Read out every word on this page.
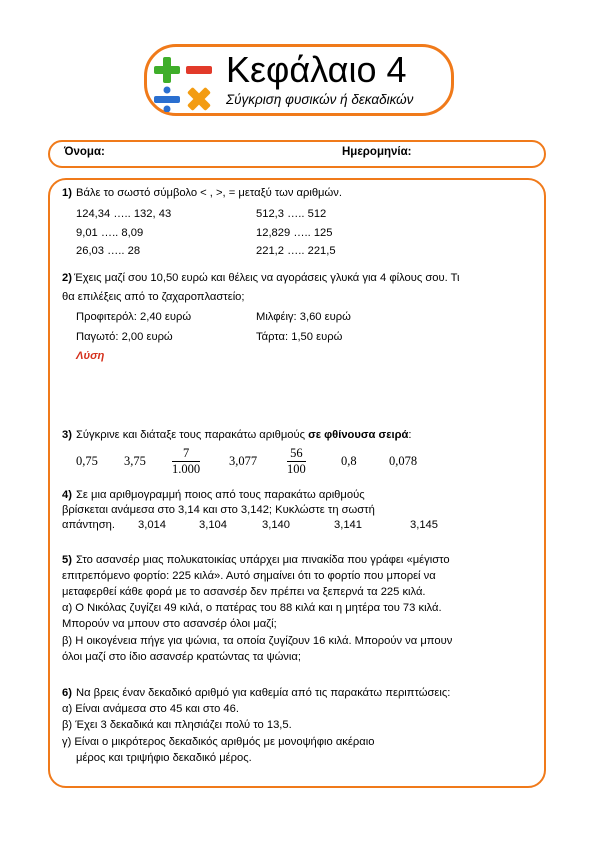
Κεφάλαιο 4
Σύγκριση φυσικών ή δεκαδικών
Όνομα:	Ημερομηνία:
1) Βάλε το σωστό σύμβολο < , >, = μεταξύ των αριθμών.
124,34 ….. 132, 43	512,3 ….. 512
9,01 ….. 8,09	12,829 ….. 125
26,03 ….. 28	221,2 ….. 221,5
2) Έχεις μαζί σου 10,50 ευρώ και θέλεις να αγοράσεις γλυκά για 4 φίλους σου. Τι
θα επιλέξεις από το ζαχαροπλαστείο;
Προφιτερόλ: 2,40 ευρώ	Μιλφέιγ: 3,60 ευρώ
Παγωτό: 2,00 ευρώ	Τάρτα: 1,50 ευρώ
Λύση
3) Σύγκρινε και διάταξε τους παρακάτω αριθμούς σε φθίνουσα σειρά:
0,75 $3,75 \frac{7}{1.000} 3,077 \frac{56}{100}$	0,8	0,078
4) Σε μια αριθμογραμμή ποιος από τους παρακάτω αριθμούς
βρίσκεται ανάμεσα στο 3,14 και στο 3,142; Κυκλώστε τη σωστή
απάντηση. 3,014	3,104	3,140	3,141	3,145
5) Στο ασανσέρ μιας πολυκατοικίας υπάρχει μια πινακίδα που γράφει «μέγιστο
επιτρεπόμενο φορτίο: 225 κιλά». Αυτό σημαίνει ότι το φορτίο που μπορεί να
μεταφερθεί κάθε φορά με το ασανσέρ δεν πρέπει να ξεπερνά τα 225 κιλά.
α) Ο Νικόλας ζυγίζει 49 κιλά, ο πατέρας του 88 κιλά και η μητέρα του 73 κιλά.
Μπορούν να μπουν στο ασανσέρ όλοι μαζί;
β) Η οικογένεια πήγε για ψώνια, τα οποία ζυγίζουν 16 κιλά. Μπορούν να μπουν
όλοι μαζί στο ίδιο ασανσέρ κρατώντας τα ψώνια;
6) Να βρεις έναν δεκαδικό αριθμό για καθεμία από τις παρακάτω περιπτώσεις:
α) Είναι ανάμεσα στο 45 και στο 46.
β) Έχει 3 δεκαδικά και πλησιάζει πολύ το 13,5.
γ) Είναι ο μικρότερος δεκαδικός αριθμός με μονοψήφιο ακέραιο
μέρος και τριψήφιο δεκαδικό μέρος.
